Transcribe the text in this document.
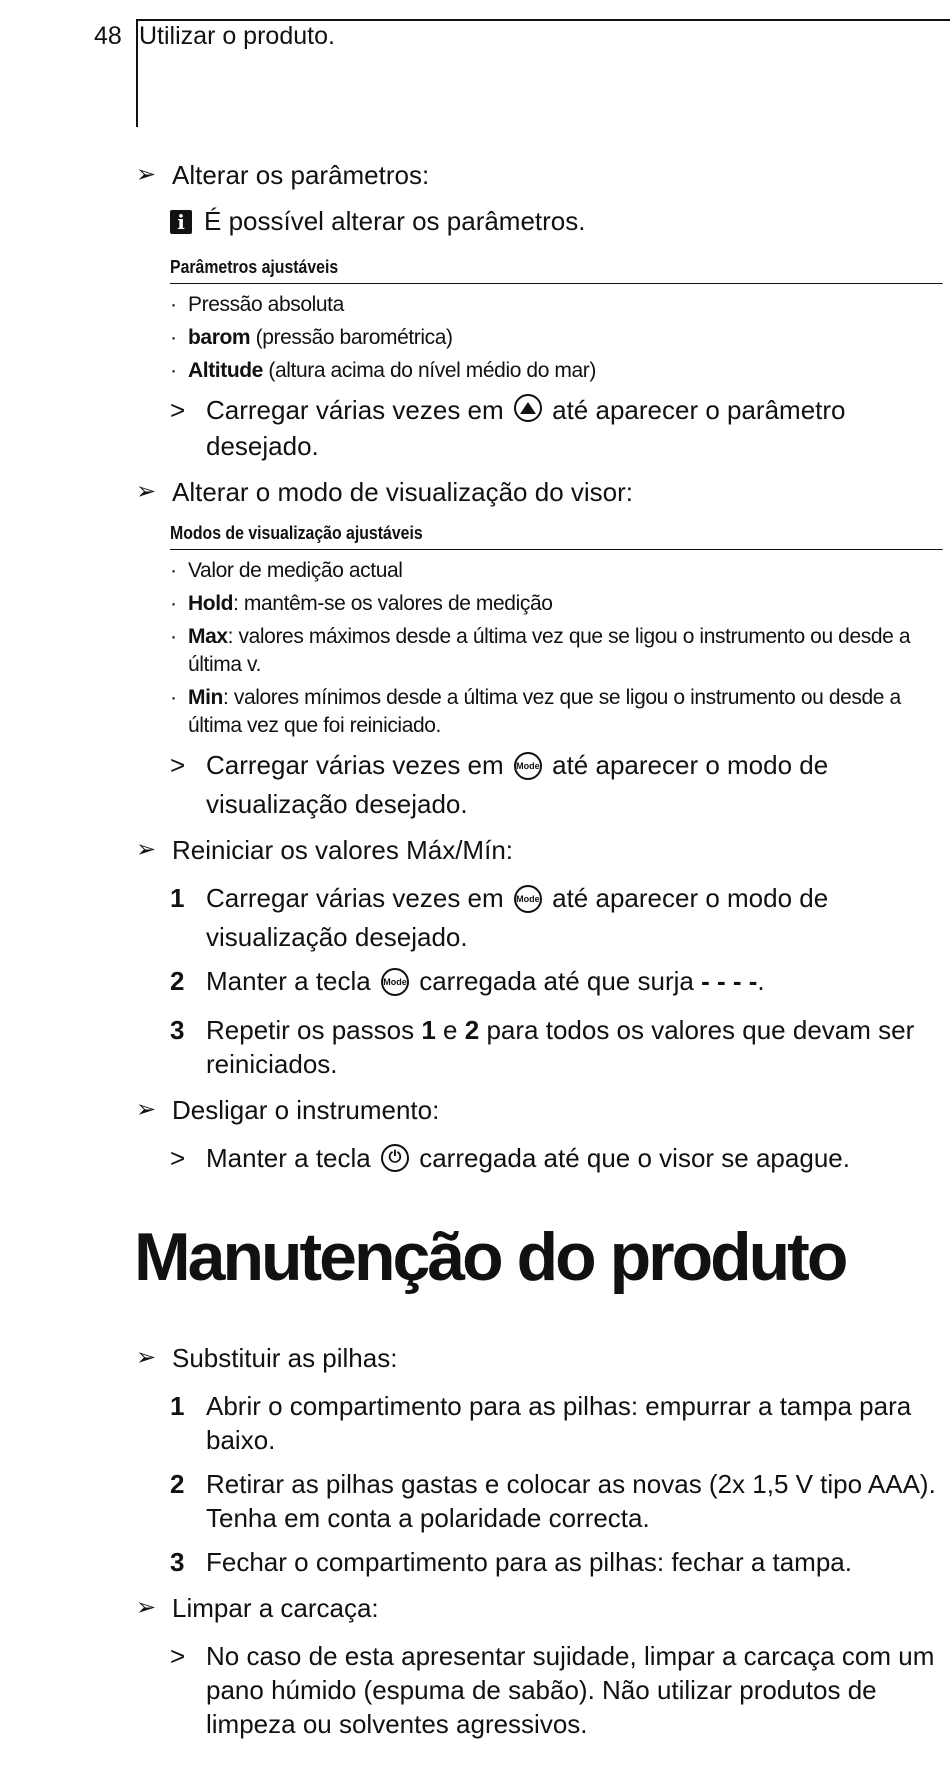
48 Utilizar o produto.
➢ Alterar os parâmetros:
i É possível alterar os parâmetros.
Parâmetros ajustáveis
· Pressão absoluta
· barom (pressão barométrica)
· Altitude (altura acima do nível médio do mar)
> Carregar várias vezes em até aparecer o parâmetro desejado.
➢ Alterar o modo de visualização do visor:
Modos de visualização ajustáveis
· Valor de medição actual
· Hold: mantêm-se os valores de medição
· Max: valores máximos desde a última vez que se ligou o instrumento ou desde a última v.
· Min: valores mínimos desde a última vez que se ligou o instrumento ou desde a última vez que foi reiniciado.
> Carregar várias vezes em Mode até aparecer o modo de visualização desejado.
➢ Reiniciar os valores Máx/Mín:
1 Carregar várias vezes em Mode até aparecer o modo de visualização desejado.
2 Manter a tecla Mode carregada até que surja - - - -.
3 Repetir os passos 1 e 2 para todos os valores que devam ser reiniciados.
➢ Desligar o instrumento:
> Manter a tecla ⏻ carregada até que o visor se apague.
Manutenção do produto
➢ Substituir as pilhas:
1 Abrir o compartimento para as pilhas: empurrar a tampa para baixo.
2 Retirar as pilhas gastas e colocar as novas (2x 1,5 V tipo AAA). Tenha em conta a polaridade correcta.
3 Fechar o compartimento para as pilhas: fechar a tampa.
➢ Limpar a carcaça:
> No caso de esta apresentar sujidade, limpar a carcaça com um pano húmido (espuma de sabão). Não utilizar produtos de limpeza ou solventes agressivos.
